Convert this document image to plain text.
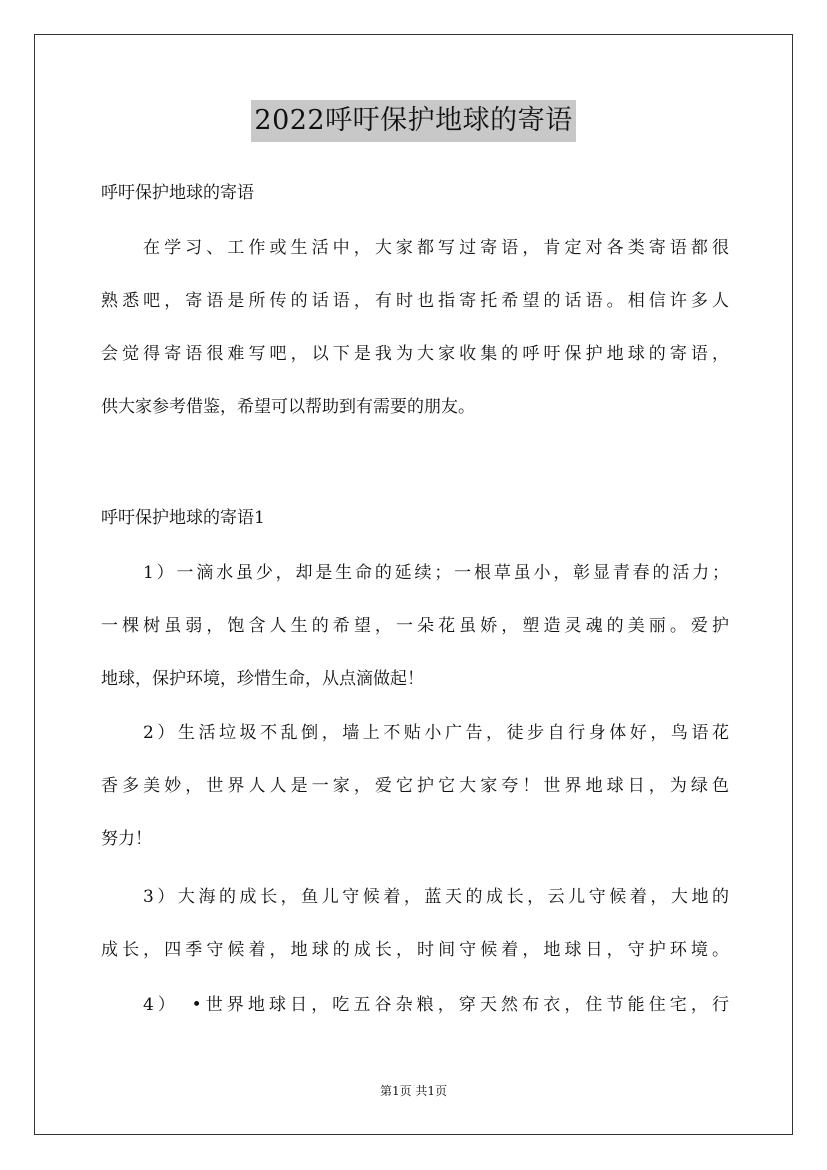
2022呼吁保护地球的寄语
呼吁保护地球的寄语
在学习、工作或生活中，大家都写过寄语，肯定对各类寄语都很
熟悉吧，寄语是所传的话语，有时也指寄托希望的话语。相信许多人
会觉得寄语很难写吧，以下是我为大家收集的呼吁保护地球的寄语，
供大家参考借鉴，希望可以帮助到有需要的朋友。
呼吁保护地球的寄语1
1）一滴水虽少，却是生命的延续；一根草虽小，彰显青春的活力；
一棵树虽弱，饱含人生的希望，一朵花虽娇，塑造灵魂的美丽。爱护
地球，保护环境，珍惜生命，从点滴做起！
2）生活垃圾不乱倒，墙上不贴小广告，徒步自行身体好，鸟语花
香多美妙，世界人人是一家，爱它护它大家夸！世界地球日，为绿色
努力！
3）大海的成长，鱼儿守候着，蓝天的成长，云儿守候着，大地的
成长，四季守候着，地球的成长，时间守候着，地球日，守护环境。
4）　•世界地球日，吃五谷杂粮，穿天然布衣，住节能住宅，行
第1页 共1页
